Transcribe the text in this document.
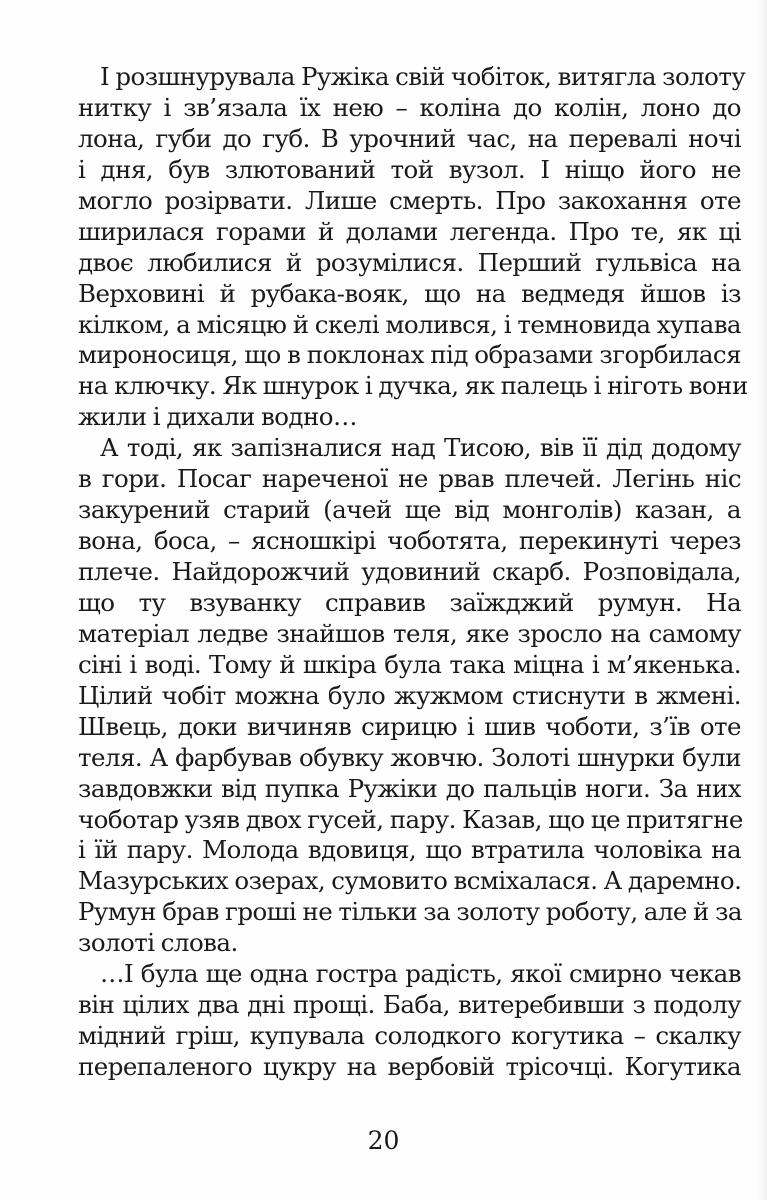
І розшнурувала Ружіка свій чобіток, витягла золоту
нитку і зв’язала їх нею – коліна до колін, лоно до
лона, губи до губ. В урочний час, на перевалі ночі
і дня, був злютований той вузол. І ніщо його не
могло розірвати. Лише смерть. Про закохання оте
ширилася горами й долами легенда. Про те, як ці
двоє любилися й розумілися. Перший гульвіса на
Верховині й рубака-вояк, що на ведмедя йшов із
кілком, а місяцю й скелі молився, і темновида хупава
мироносиця, що в поклонах під образами згорбилася
на ключку. Як шнурок і дучка, як палець і ніготь вони
жили і дихали водно…
А тоді, як запізналися над Тисою, вів її дід додому
в гори. Посаг нареченої не рвав плечей. Легінь ніс
закурений старий (ачей ще від монголів) казан, а
вона, боса, – ясношкірі чоботята, перекинуті через
плече. Найдорожчий удовиний скарб. Розповідала,
що ту взуванку справив заїжджий румун. На
матеріал ледве знайшов теля, яке зросло на самому
сіні і воді. Тому й шкіра була така міцна і м’якенька.
Цілий чобіт можна було жужмом стиснути в жмені.
Швець, доки вичиняв сирицю і шив чоботи, з’їв оте
теля. А фарбував обувку жовчю. Золоті шнурки були
завдовжки від пупка Ружіки до пальців ноги. За них
чоботар узяв двох гусей, пару. Казав, що це притягне
і їй пару. Молода вдовиця, що втратила чоловіка на
Мазурських озерах, сумовито всміхалася. А даремно.
Румун брав гроші не тільки за золоту роботу, але й за
золоті слова.
…І була ще одна гостра радість, якої смирно чекав
він цілих два дні прощі. Баба, витеребивши з подолу
мідний гріш, купувала солодкого когутика – скалку
перепаленого цукру на вербовій трісочці. Когутика
20
